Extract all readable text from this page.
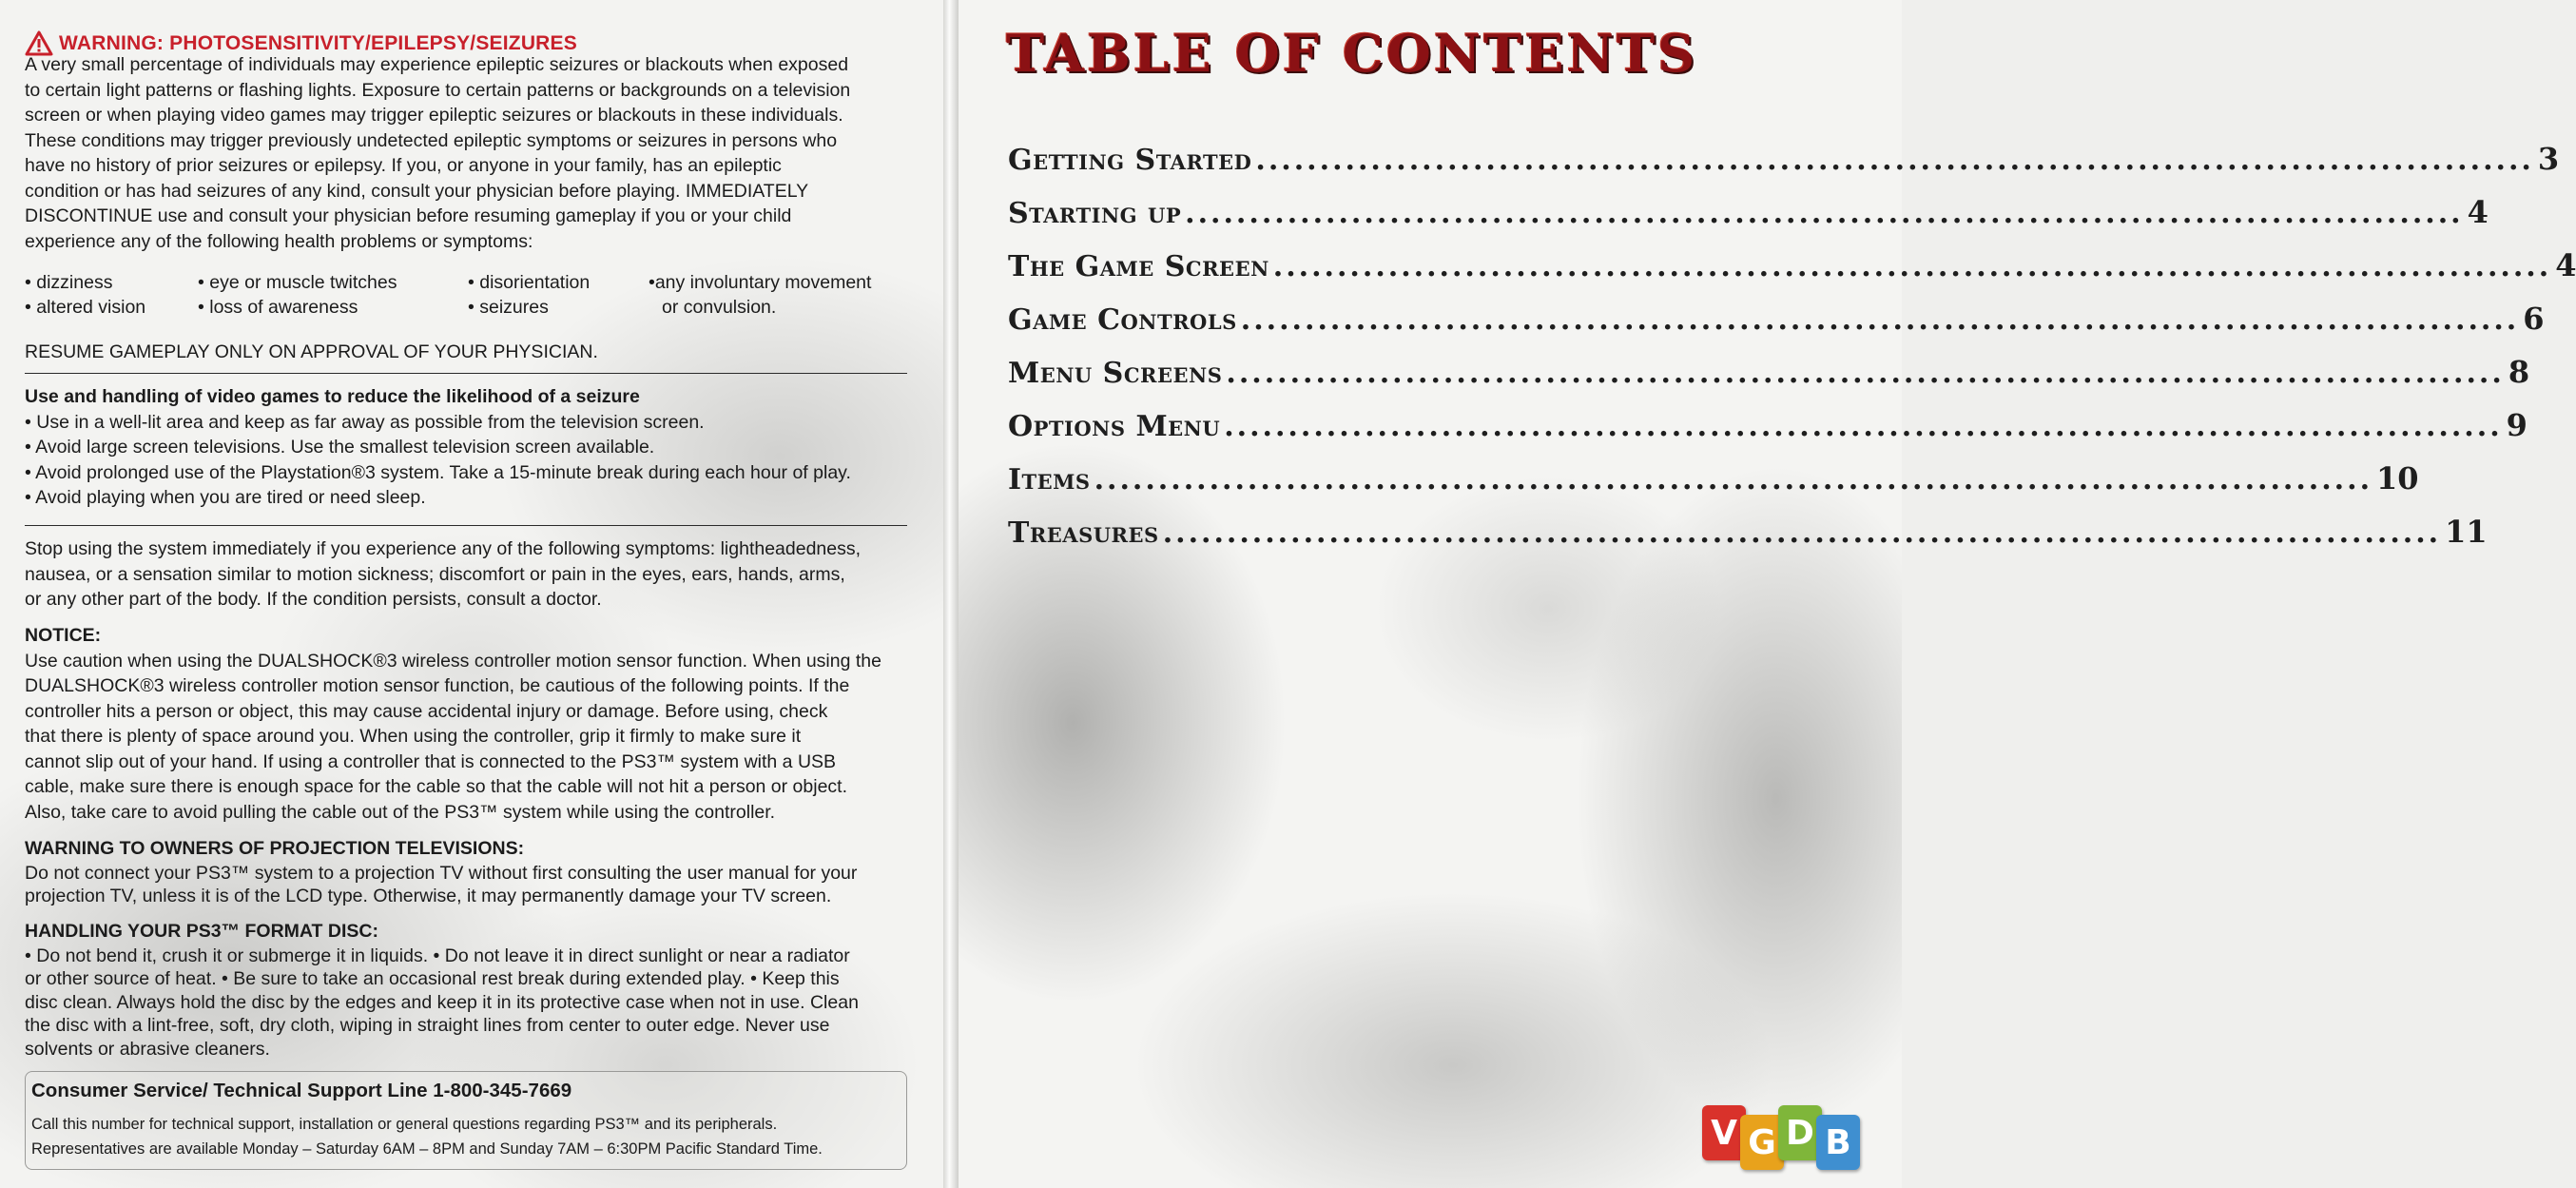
WARNING: PHOTOSENSITIVITY/EPILEPSY/SEIZURES

A very small percentage of individuals may experience epileptic seizures or blackouts when exposed

to certain light patterns or flashing lights. Exposure to certain patterns or backgrounds on a television

screen or when playing video games may trigger epileptic seizures or blackouts in these individuals.

These conditions may trigger previously undetected epileptic symptoms or seizures in persons who

have no history of prior seizures or epilepsy. If you, or anyone in your family, has an epileptic

condition or has had seizures of any kind, consult your physician before playing. IMMEDIATELY

DISCONTINUE use and consult your physician before resuming gameplay if you or your child

experience any of the following health problems or symptoms:

• dizziness
• altered vision
• eye or muscle twitches
• loss of awareness
• disorientation
• seizures
•any involuntary movement
or convulsion.

RESUME GAMEPLAY ONLY ON APPROVAL OF YOUR PHYSICIAN.

Use and handling of video games to reduce the likelihood of a seizure

• Use in a well-lit area and keep as far away as possible from the television screen.

• Avoid large screen televisions. Use the smallest television screen available.

• Avoid prolonged use of the Playstation®3 system. Take a 15-minute break during each hour of play.

• Avoid playing when you are tired or need sleep.

Stop using the system immediately if you experience any of the following symptoms: lightheadedness,

nausea, or a sensation similar to motion sickness; discomfort or pain in the eyes, ears, hands, arms,

or any other part of the body. If the condition persists, consult a doctor.

NOTICE:

Use caution when using the DUALSHOCK®3 wireless controller motion sensor function. When using the

DUALSHOCK®3 wireless controller motion sensor function, be cautious of the following points. If the

controller hits a person or object, this may cause accidental injury or damage. Before using, check

that there is plenty of space around you. When using the controller, grip it firmly to make sure it

cannot slip out of your hand. If using a controller that is connected to the PS3™ system with a USB

cable, make sure there is enough space for the cable so that the cable will not hit a person or object.

Also, take care to avoid pulling the cable out of the PS3™ system while using the controller.

WARNING TO OWNERS OF PROJECTION TELEVISIONS:

Do not connect your PS3™ system to a projection TV without first consulting the user manual for your

projection TV, unless it is of the LCD type. Otherwise, it may permanently damage your TV screen.

HANDLING YOUR PS3™ FORMAT DISC:

• Do not bend it, crush it or submerge it in liquids. • Do not leave it in direct sunlight or near a radiator

or other source of heat. • Be sure to take an occasional rest break during extended play. • Keep this

disc clean. Always hold the disc by the edges and keep it in its protective case when not in use. Clean

the disc with a lint-free, soft, dry cloth, wiping in straight lines from center to outer edge. Never use

solvents or abrasive cleaners.

Consumer Service/ Technical Support Line 1-800-345-7669
Call this number for technical support, installation or general questions regarding PS3™ and its peripherals.
Representatives are available Monday – Saturday 6AM – 8PM and Sunday 7AM – 6:30PM Pacific Standard Time.
TABLE OF CONTENTS
Getting Started .................................................................................................... 3
Starting up .................................................................................................... 4
The Game Screen .................................................................................................... 4
Game Controls .................................................................................................... 6
Menu Screens .................................................................................................... 8
Options Menu .................................................................................................... 9
Items .................................................................................................... 10
Treasures .................................................................................................... 11
V G D B
